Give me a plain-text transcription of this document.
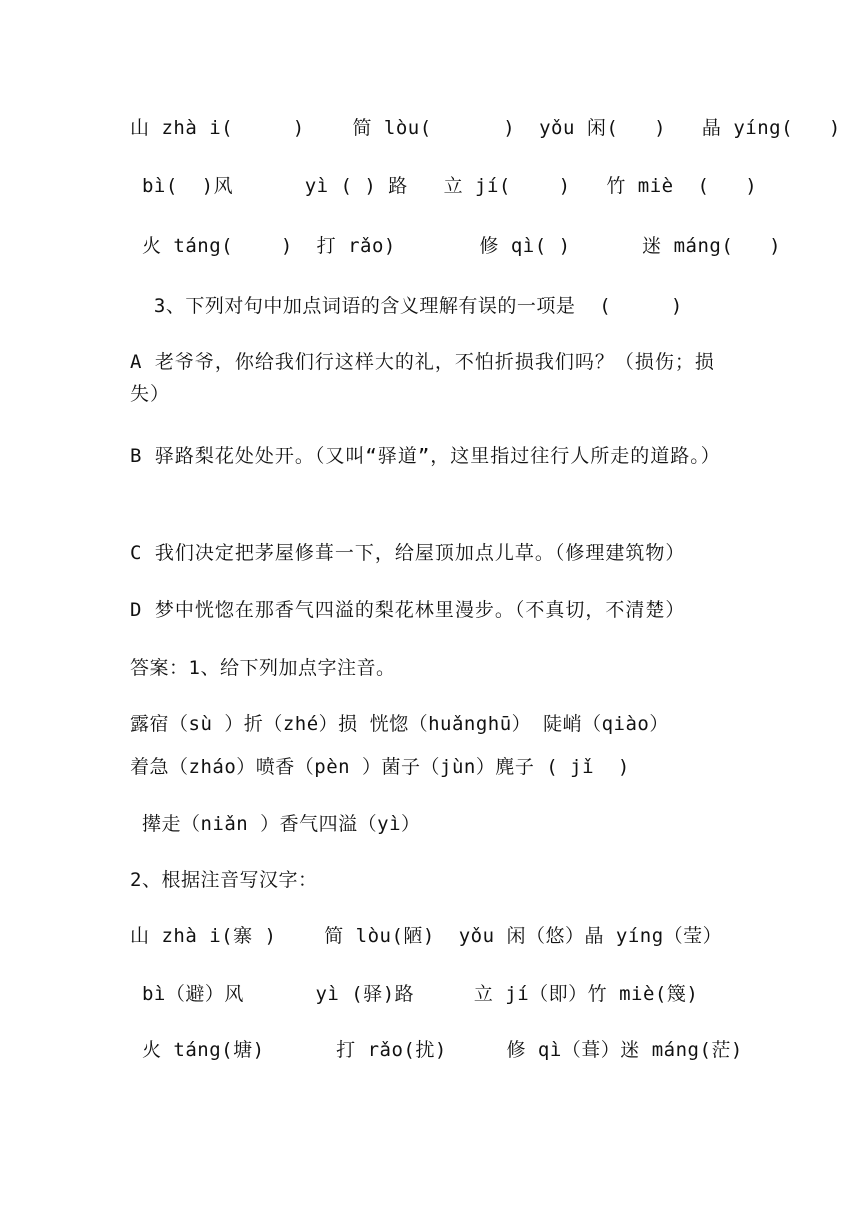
山 zhà i(     )    简 lòu(      )  yǒu 闲(   )   晶 yíng(   )
bì(  )风      yì ( ) 路   立 jí(    )   竹 miè  (   )
火 táng(    )  打 rǎo)       修 qì( )      迷 máng(   )
3、下列对句中加点词语的含义理解有误的一项是  (     )
A 老爷爷，你给我们行这样大的礼，不怕折损我们吗？（损伤；损失）
B 驿路梨花处处开。（又叫“驿道”，这里指过往行人所走的道路。）
C 我们决定把茅屋修葺一下，给屋顶加点儿草。（修理建筑物）
D 梦中恍惚在那香气四溢的梨花林里漫步。（不真切，不清楚）
答案：1、给下列加点字注音。
露宿（sù ）折（zhé）损 恍惚（huǎnghū） 陡峭（qiào）
着急（zháo）喷香（pèn ）菌子（jùn）麂子 ( jǐ  )
撵走（niǎn ）香气四溢（yì）
2、根据注音写汉字：
山 zhà i(寨 )    简 lòu(陋)  yǒu 闲（悠）晶 yíng（莹）
bì（避）风      yì (驿)路     立 jí（即）竹 miè(篾)
火 táng(塘)      打 rǎo(扰)     修 qì（葺）迷 máng(茫)
